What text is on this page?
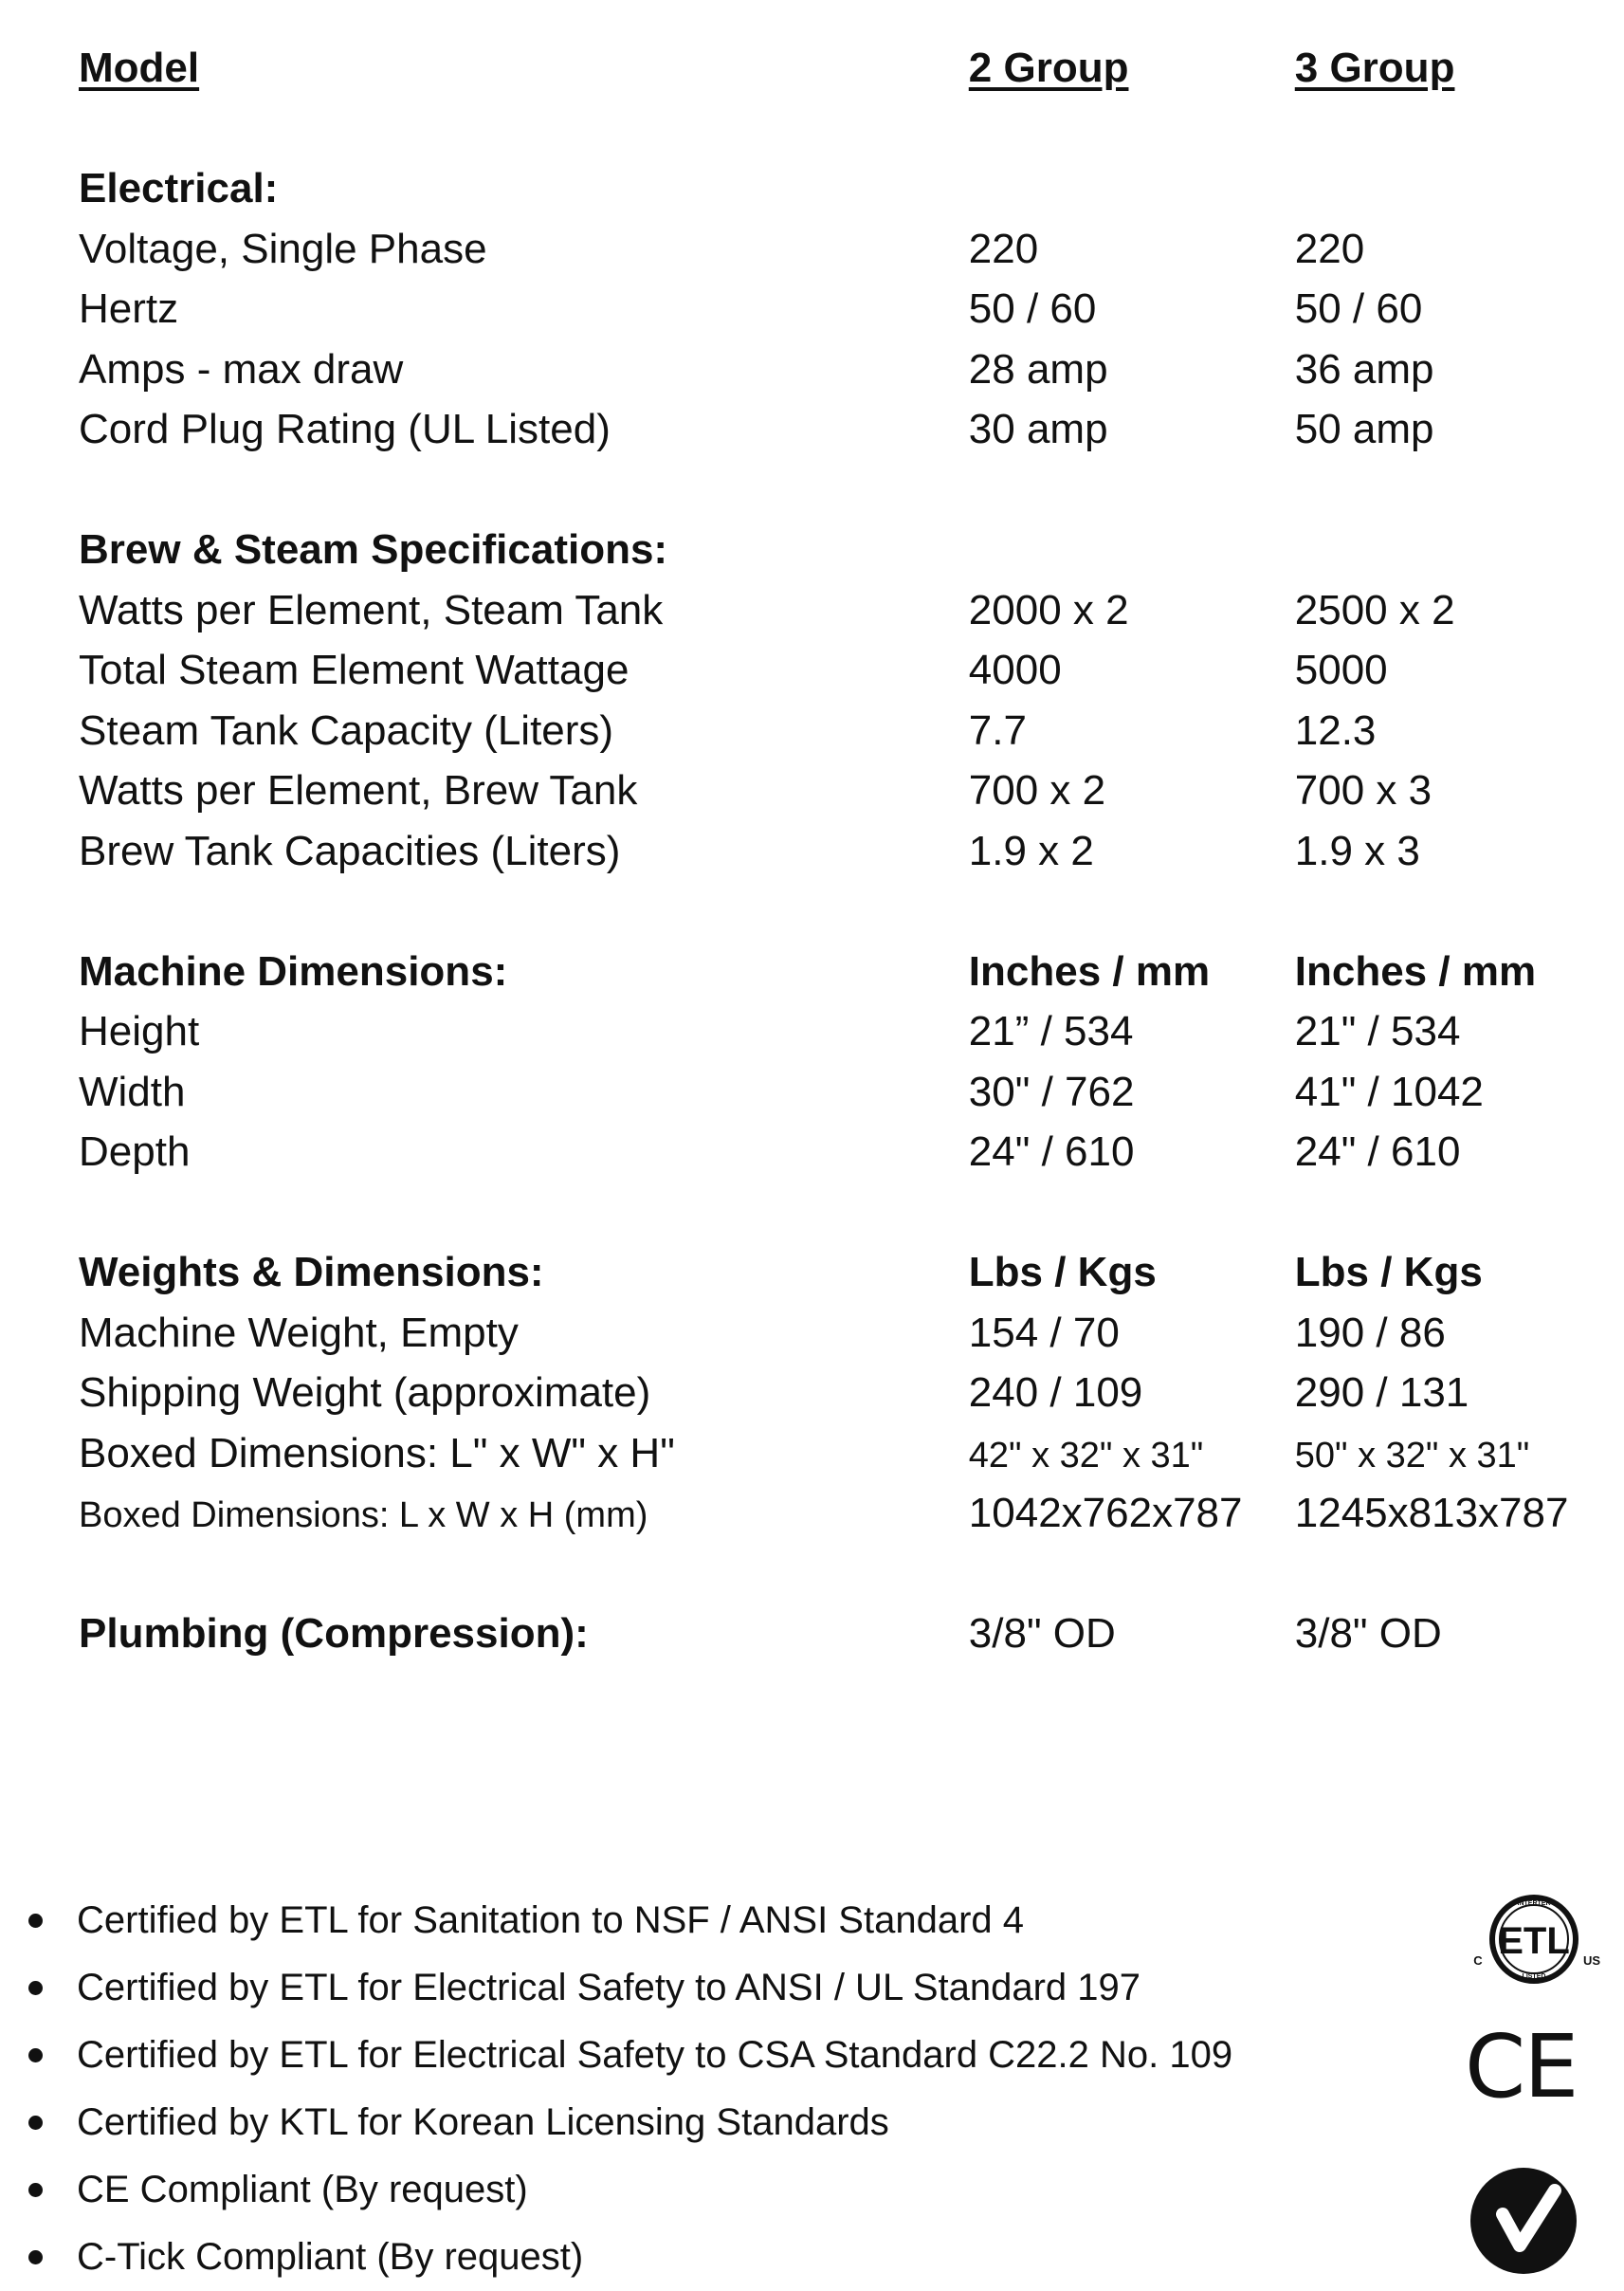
Model	2 Group	3 Group
Electrical:
Voltage, Single Phase	220	220
Hertz	50 / 60	50 / 60
Amps - max draw	28 amp	36 amp
Cord Plug Rating (UL Listed)	30 amp	50 amp
Brew & Steam Specifications:
Watts per Element, Steam Tank	2000 x 2	2500 x 2
Total Steam Element Wattage	4000	5000
Steam Tank Capacity (Liters)	7.7	12.3
Watts per Element, Brew Tank	700 x 2	700 x 3
Brew Tank Capacities (Liters)	1.9 x 2	1.9 x 3
Machine Dimensions:	Inches / mm	Inches / mm
Height	21” / 534	21" / 534
Width	30" / 762	41" / 1042
Depth	24" / 610	24" / 610
Weights & Dimensions:	Lbs / Kgs	Lbs / Kgs
Machine Weight, Empty	154 / 70	190 / 86
Shipping Weight (approximate)	240 / 109	290 / 131
Boxed Dimensions: L" x W" x H"	42" x 32" x 31"	50" x 32" x 31"
Boxed Dimensions: L x W x H (mm)	1042x762x787	1245x813x787
Plumbing (Compression):	3/8" OD	3/8" OD
Certified by ETL for Sanitation to NSF / ANSI Standard 4
Certified by ETL for Electrical Safety to ANSI / UL Standard 197
Certified by ETL for Electrical Safety to CSA Standard C22.2 No. 109
Certified by KTL for Korean Licensing Standards
CE Compliant (By request)
C-Tick Compliant (By request)
ETL
INTERTEK
LISTED
C	US
CE
